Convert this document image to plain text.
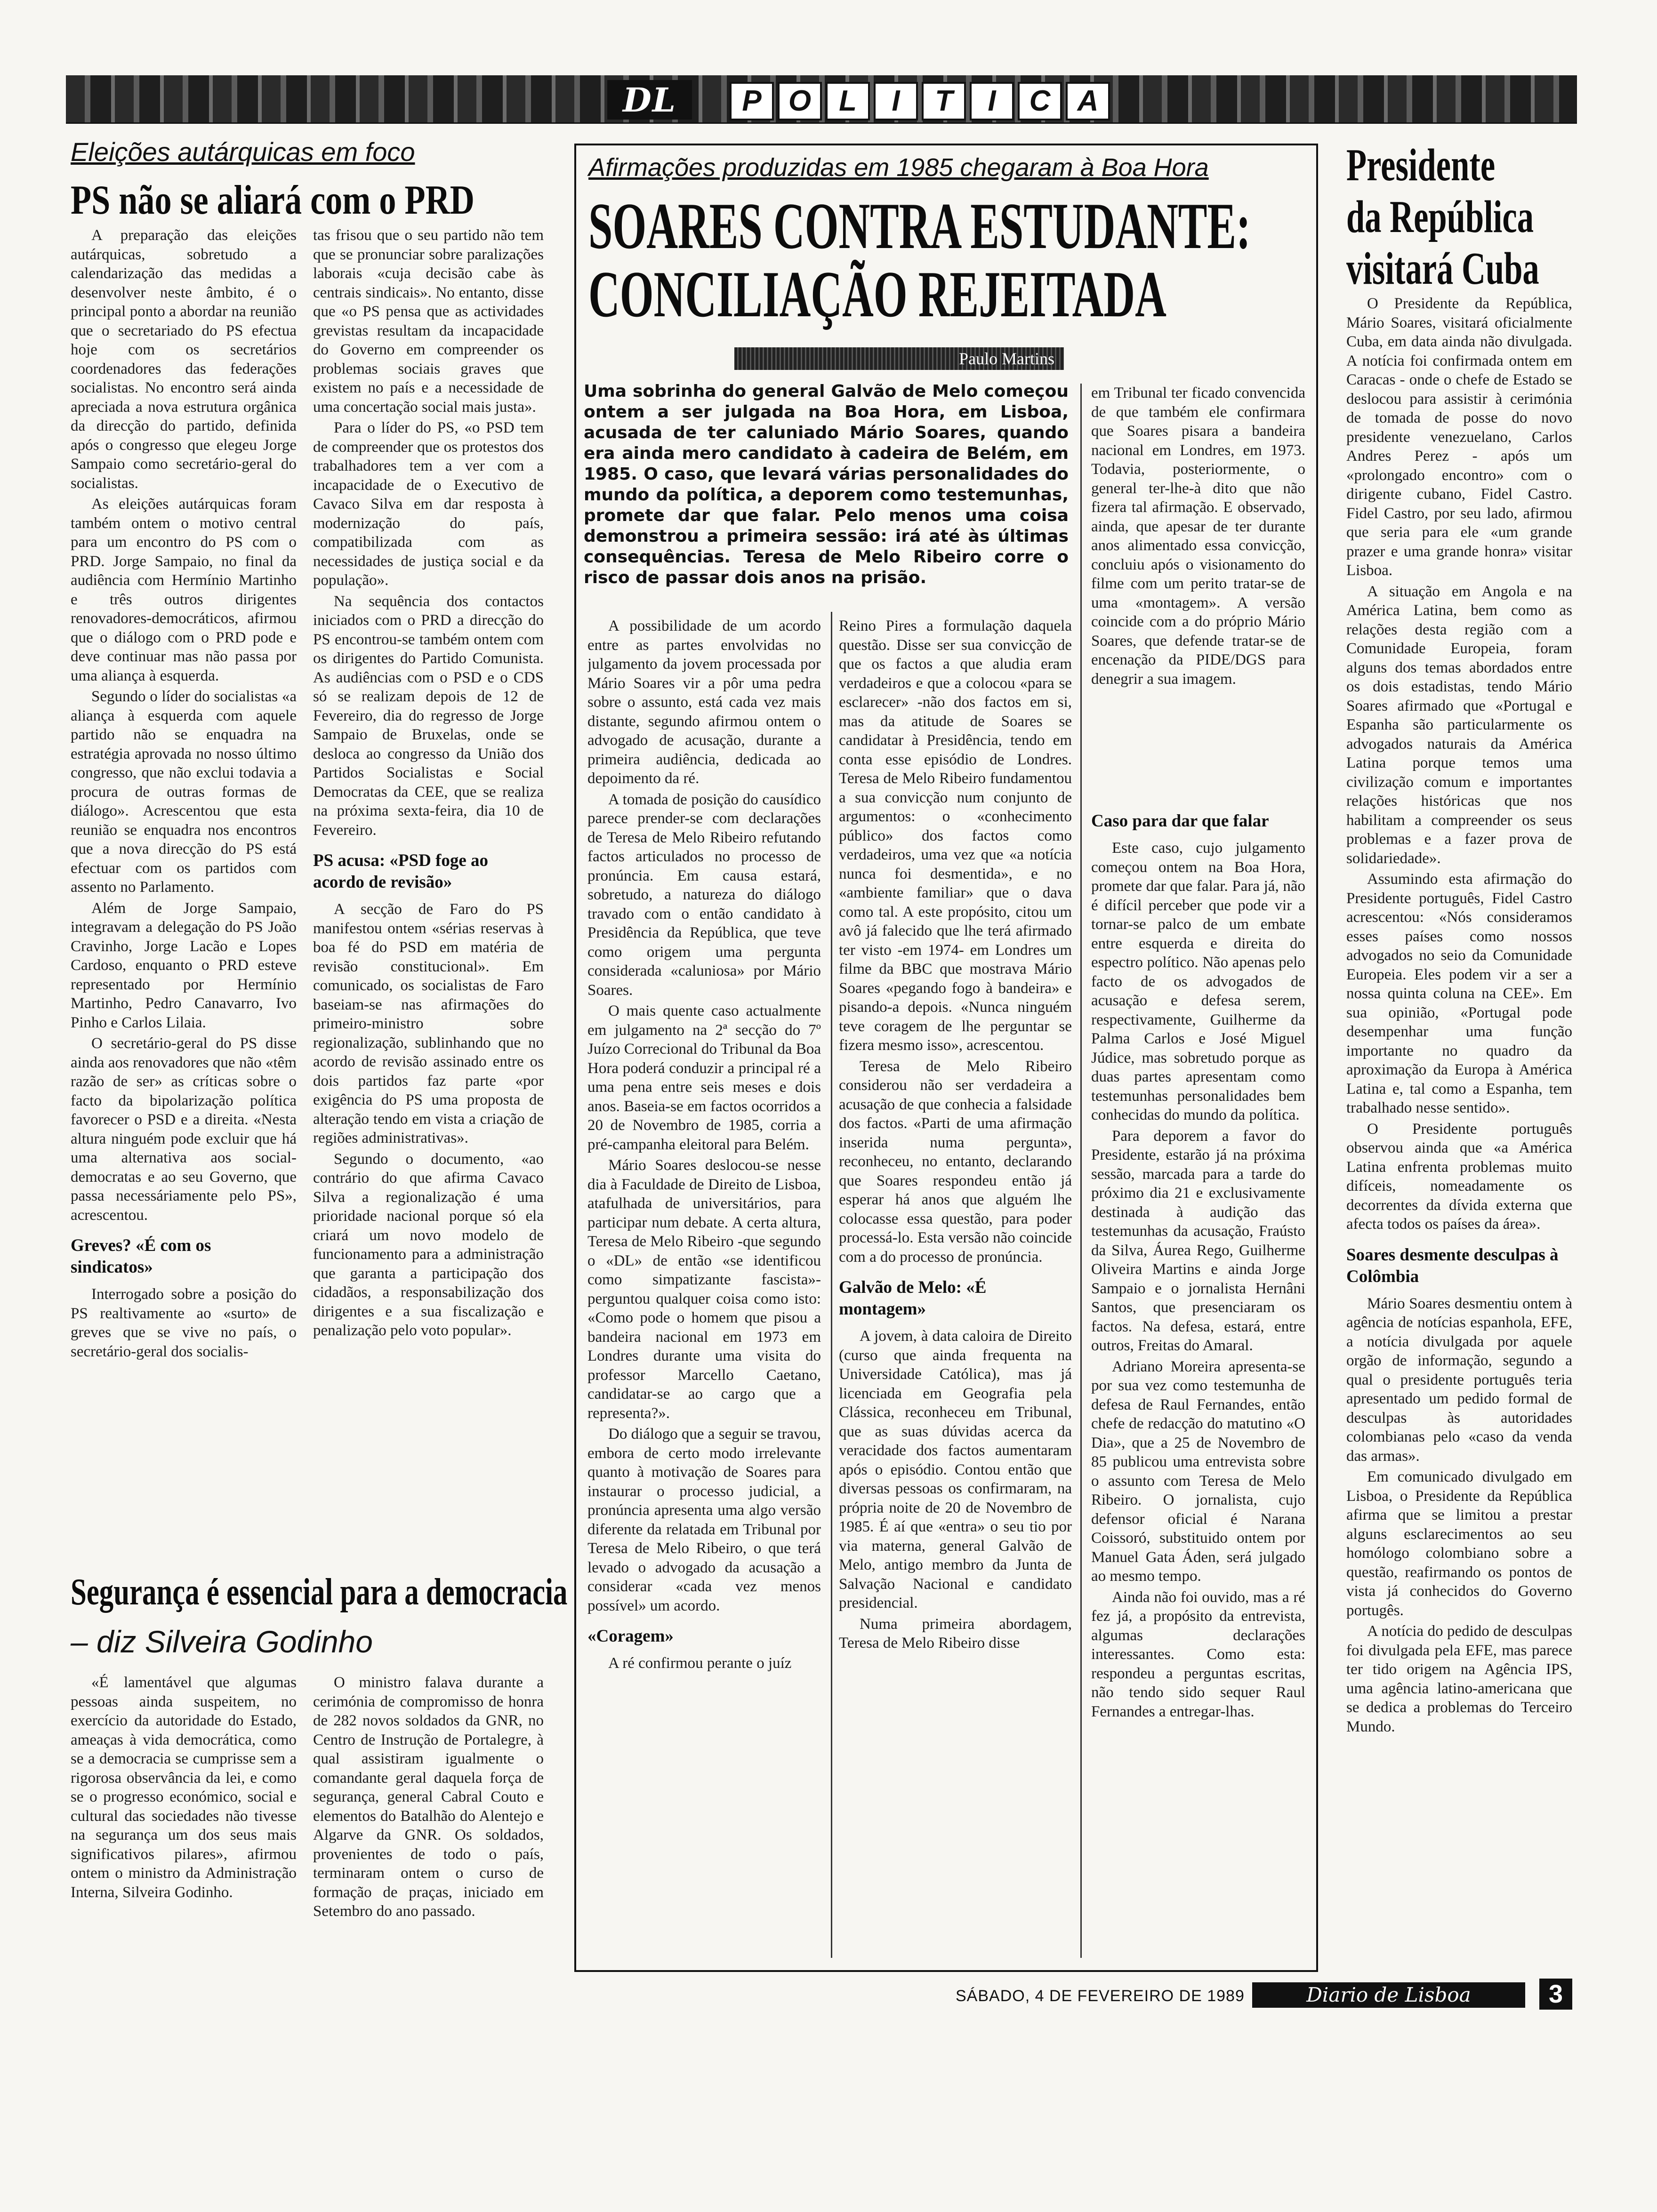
DL	P O L	I	T	I	C A
Eleições autárquicas em foco
PS não se aliará com o PRD

A preparação das eleições autárquicas, sobretudo a calendarização das medidas a desenvolver neste âmbito, é o principal ponto a abordar na reunião que o secretariado do PS efectua hoje com os secretários coordenadores das federações socialistas. No encontro será ainda apreciada a nova estrutura orgânica da direcção do partido, definida após o congresso que elegeu Jorge Sampaio como secretário-geral do socialistas.

As eleições autárquicas foram também ontem o motivo central para um encontro do PS com o PRD. Jorge Sampaio, no final da audiência com Hermínio Martinho e três outros dirigentes renovadores-democráticos, afirmou que o diálogo com o PRD pode e deve continuar mas não passa por uma aliança à esquerda.

Segundo o líder do socialistas «a aliança à esquerda com aquele partido não se enquadra na estratégia aprovada no nosso último congresso, que não exclui todavia a procura de outras formas de diálogo». Acrescentou que esta reunião se enquadra nos encontros que a nova direcção do PS está efectuar com os partidos com assento no Parlamento.

Além de Jorge Sampaio, integravam a delegação do PS João Cravinho, Jorge Lacão e Lopes Cardoso, enquanto o PRD esteve representado por Hermínio Martinho, Pedro Canavarro, Ivo Pinho e Carlos Lilaia.

O secretário-geral do PS disse ainda aos renovadores que não «têm razão de ser» as críticas sobre o facto da bipolarização política favorecer o PSD e a direita. «Nesta altura ninguém pode excluir que há uma alternativa aos social-democratas e ao seu Governo, que passa necessáriamente pelo PS», acrescentou.

Greves? «É com os sindicatos»

Interrogado sobre a posição do PS realtivamente ao «surto» de greves que se vive no país, o secretário-geral dos socialis-

tas frisou que o seu partido não tem que se pronunciar sobre paralizações laborais «cuja decisão cabe às centrais sindicais». No entanto, disse que «o PS pensa que as actividades grevistas resultam da incapacidade do Governo em compreender os problemas sociais graves que existem no país e a necessidade de uma concertação social mais justa».

Para o líder do PS, «o PSD tem de compreender que os protestos dos trabalhadores tem a ver com a incapacidade de o Executivo de Cavaco Silva em dar resposta à modernização do país, compatibilizada com as necessidades de justiça social e da população».

Na sequência dos contactos iniciados com o PRD a direcção do PS encontrou-se também ontem com os dirigentes do Partido Comunista. As audiências com o PSD e o CDS só se realizam depois de 12 de Fevereiro, dia do regresso de Jorge Sampaio de Bruxelas, onde se desloca ao congresso da União dos Partidos Socialistas e Social Democratas da CEE, que se realiza na próxima sexta-feira, dia 10 de Fevereiro.

PS acusa: «PSD foge ao acordo de revisão»

A secção de Faro do PS manifestou ontem «sérias reservas à boa fé do PSD em matéria de revisão constitucional». Em comunicado, os socialistas de Faro baseiam-se nas afirmações do primeiro-ministro sobre regionalização, sublinhando que no acordo de revisão assinado entre os dois partidos faz parte «por exigência do PS uma proposta de alteração tendo em vista a criação de regiões administrativas».

Segundo o documento, «ao contrário do que afirma Cavaco Silva a regionalização é uma prioridade nacional porque só ela criará um novo modelo de funcionamento para a administração que garanta a participação dos cidadãos, a responsabilização dos dirigentes e a sua fiscalização e penalização pelo voto popular».

Segurança é essencial para a democracia
– diz Silveira Godinho

«É lamentável que algumas pessoas ainda suspeitem, no exercício da autoridade do Estado, ameaças à vida democrática, como se a democracia se cumprisse sem a rigorosa observância da lei, e como se o progresso económico, social e cultural das sociedades não tivesse na segurança um dos seus mais significativos pilares», afirmou ontem o ministro da Administração Interna, Silveira Godinho.

O ministro falava durante a cerimónia de compromisso de honra de 282 novos soldados da GNR, no Centro de Instrução de Portalegre, à qual assistiram igualmente o comandante geral daquela força de segurança, general Cabral Couto e elementos do Batalhão do Alentejo e Algarve da GNR. Os soldados, provenientes de todo o país, terminaram ontem o curso de formação de praças, iniciado em Setembro do ano passado.

Afirmações produzidas em 1985 chegaram à Boa Hora
SOARES CONTRA ESTUDANTE:
CONCILIAÇÃO REJEITADA
Paulo Martins
Uma sobrinha do general Galvão de Melo começou ontem a ser julgada na Boa Hora, em Lisboa, acusada de ter caluniado Mário Soares, quando era ainda mero candidato à cadeira de Belém, em 1985. O caso, que levará várias personalidades do mundo da política, a deporem como testemunhas, promete dar que falar. Pelo menos uma coisa demonstrou a primeira sessão: irá até às últimas consequências. Teresa de Melo Ribeiro corre o risco de passar dois anos na prisão.

em Tribunal ter ficado convencida de que também ele confirmara que Soares pisara a bandeira nacional em Londres, em 1973. Todavia, posteriormente, o general ter-lhe-à dito que não fizera tal afirmação. E observado, ainda, que apesar de ter durante anos alimentado essa convicção, concluiu após o visionamento do filme com um perito tratar-se de uma «montagem». A versão coincide com a do próprio Mário Soares, que defende tratar-se de encenação da PIDE/DGS para denegrir a sua imagem.

A possibilidade de um acordo entre as partes envolvidas no julgamento da jovem processada por Mário Soares vir a pôr uma pedra sobre o assunto, está cada vez mais distante, segundo afirmou ontem o advogado de acusação, durante a primeira audiência, dedicada ao depoimento da ré.

A tomada de posição do causídico parece prender-se com declarações de Teresa de Melo Ribeiro refutando factos articulados no processo de pronúncia. Em causa estará, sobretudo, a natureza do diálogo travado com o então candidato à Presidência da República, que teve como origem uma pergunta considerada «caluniosa» por Mário Soares.

O mais quente caso actualmente em julgamento na 2ª secção do 7º Juízo Correcional do Tribunal da Boa Hora poderá conduzir a principal ré a uma pena entre seis meses e dois anos. Baseia-se em factos ocorridos a 20 de Novembro de 1985, corria a pré-campanha eleitoral para Belém.

Mário Soares deslocou-se nesse dia à Faculdade de Direito de Lisboa, atafulhada de universitários, para participar num debate. A certa altura, Teresa de Melo Ribeiro -que segundo o «DL» de então «se identificou como simpatizante fascista»- perguntou qualquer coisa como isto: «Como pode o homem que pisou a bandeira nacional em 1973 em Londres durante uma visita do professor Marcello Caetano, candidatar-se ao cargo que a representa?».

Do diálogo que a seguir se travou, embora de certo modo irrelevante quanto à motivação de Soares para instaurar o processo judicial, a pronúncia apresenta uma algo versão diferente da relatada em Tribunal por Teresa de Melo Ribeiro, o que terá levado o advogado da acusação a considerar «cada vez menos possível» um acordo.

«Coragem»

A ré confirmou perante o juíz

Reino Pires a formulação daquela questão. Disse ser sua convicção de que os factos a que aludia eram verdadeiros e que a colocou «para se esclarecer» -não dos factos em si, mas da atitude de Soares se candidatar à Presidência, tendo em conta esse episódio de Londres. Teresa de Melo Ribeiro fundamentou a sua convicção num conjunto de argumentos: o «conhecimento público» dos factos como verdadeiros, uma vez que «a notícia nunca foi desmentida», e no «ambiente familiar» que o dava como tal. A este propósito, citou um avô já falecido que lhe terá afirmado ter visto -em 1974- em Londres um filme da BBC que mostrava Mário Soares «pegando fogo à bandeira» e pisando-a depois. «Nunca ninguém teve coragem de lhe perguntar se fizera mesmo isso», acrescentou.

Teresa de Melo Ribeiro considerou não ser verdadeira a acusação de que conhecia a falsidade dos factos. «Parti de uma afirmação inserida numa pergunta», reconheceu, no entanto, declarando que Soares respondeu então já esperar há anos que alguém lhe colocasse essa questão, para poder processá-lo. Esta versão não coincide com a do processo de pronúncia.

Galvão de Melo: «É montagem»

A jovem, à data caloira de Direito (curso que ainda frequenta na Universidade Católica), mas já licenciada em Geografia pela Clássica, reconheceu em Tribunal, que as suas dúvidas acerca da veracidade dos factos aumentaram após o episódio. Contou então que diversas pessoas os confirmaram, na própria noite de 20 de Novembro de 1985. É aí que «entra» o seu tio por via materna, general Galvão de Melo, antigo membro da Junta de Salvação Nacional e candidato presidencial.

Numa primeira abordagem, Teresa de Melo Ribeiro disse

Caso para dar que falar

Este caso, cujo julgamento começou ontem na Boa Hora, promete dar que falar. Para já, não é difícil perceber que pode vir a tornar-se palco de um embate entre esquerda e direita do espectro político. Não apenas pelo facto de os advogados de acusação e defesa serem, respectivamente, Guilherme da Palma Carlos e José Miguel Júdice, mas sobretudo porque as duas partes apresentam como testemunhas personalidades bem conhecidas do mundo da política.

Para deporem a favor do Presidente, estarão já na próxima sessão, marcada para a tarde do próximo dia 21 e exclusivamente destinada à audição das testemunhas da acusação, Fraústo da Silva, Áurea Rego, Guilherme Oliveira Martins e ainda Jorge Sampaio e o jornalista Hernâni Santos, que presenciaram os factos. Na defesa, estará, entre outros, Freitas do Amaral.

Adriano Moreira apresenta-se por sua vez como testemunha de defesa de Raul Fernandes, então chefe de redacção do matutino «O Dia», que a 25 de Novembro de 85 publicou uma entrevista sobre o assunto com Teresa de Melo Ribeiro. O jornalista, cujo defensor oficial é Narana Coissoró, substituido ontem por Manuel Gata Áden, será julgado ao mesmo tempo.

Ainda não foi ouvido, mas a ré fez já, a propósito da entrevista, algumas declarações interessantes. Como esta: respondeu a perguntas escritas, não tendo sido sequer Raul Fernandes a entregar-lhas.

Presidente
da República
visitará Cuba

O Presidente da República, Mário Soares, visitará oficialmente Cuba, em data ainda não divulgada. A notícia foi confirmada ontem em Caracas - onde o chefe de Estado se deslocou para assistir à cerimónia de tomada de posse do novo presidente venezuelano, Carlos Andres Perez - após um «prolongado encontro» com o dirigente cubano, Fidel Castro. Fidel Castro, por seu lado, afirmou que seria para ele «um grande prazer e uma grande honra» visitar Lisboa.

A situação em Angola e na América Latina, bem como as relações desta região com a Comunidade Europeia, foram alguns dos temas abordados entre os dois estadistas, tendo Mário Soares afirmado que «Portugal e Espanha são particularmente os advogados naturais da América Latina porque temos uma civilização comum e importantes relações históricas que nos habilitam a compreender os seus problemas e a fazer prova de solidariedade».

Assumindo esta afirmação do Presidente português, Fidel Castro acrescentou: «Nós consideramos esses países como nossos advogados no seio da Comunidade Europeia. Eles podem vir a ser a nossa quinta coluna na CEE». Em sua opinião, «Portugal pode desempenhar uma função importante no quadro da aproximação da Europa à América Latina e, tal como a Espanha, tem trabalhado nesse sentido».

O Presidente português observou ainda que «a América Latina enfrenta problemas muito difíceis, nomeadamente os decorrentes da dívida externa que afecta todos os países da área».

Soares desmente desculpas à Colômbia

Mário Soares desmentiu ontem à agência de notícias espanhola, EFE, a notícia divulgada por aquele orgão de informação, segundo a qual o presidente português teria apresentado um pedido formal de desculpas às autoridades colombianas pelo «caso da venda das armas».

Em comunicado divulgado em Lisboa, o Presidente da República afirma que se limitou a prestar alguns esclarecimentos ao seu homólogo colombiano sobre a questão, reafirmando os pontos de vista já conhecidos do Governo portugês.

A notícia do pedido de desculpas foi divulgada pela EFE, mas parece ter tido origem na Agência IPS, uma agência latino-americana que se dedica a problemas do Terceiro Mundo.

SÁBADO, 4 DE FEVEREIRO DE 1989	Diario de Lisboa	3
